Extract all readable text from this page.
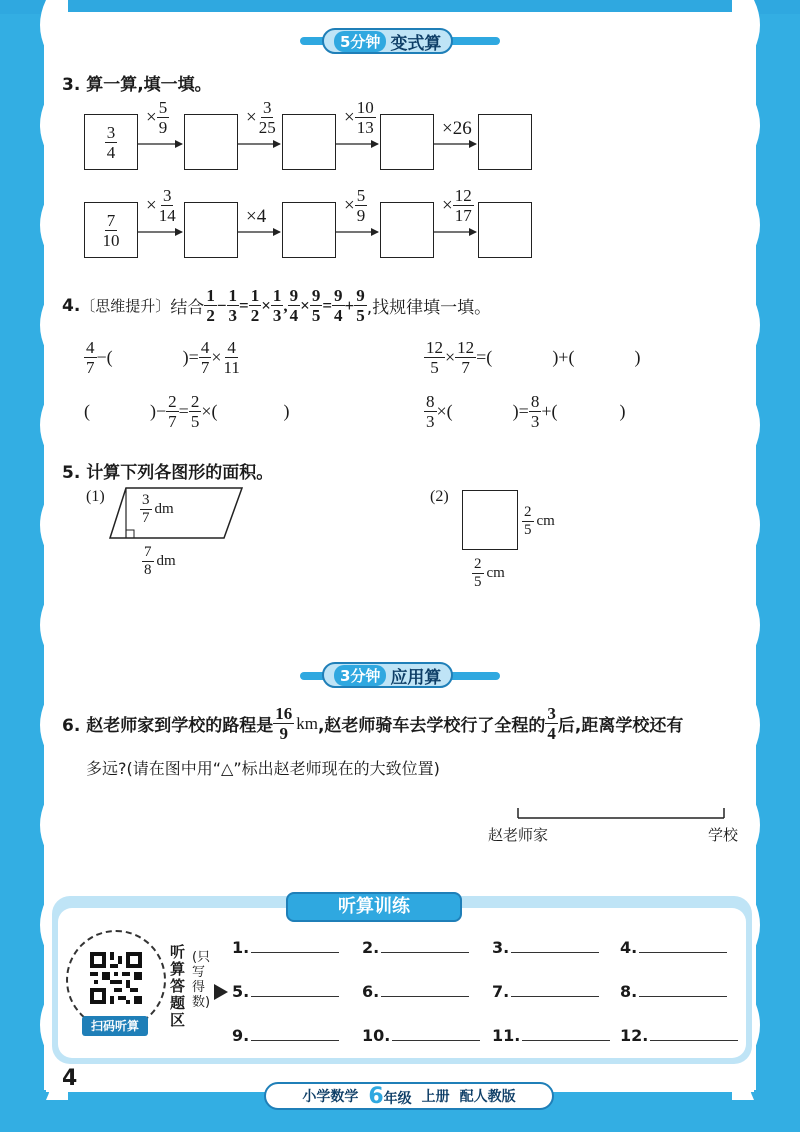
5分钟 变式算
3. 算一算,填一填。
$\frac{3}{4}$
× $\frac{5}{9}$	× $\frac{3}{25}$	× $\frac{10}{13}$	×26
$\frac{7}{10}$
× $\frac{3}{14}$	×4
× $\frac{5}{9}$	× $\frac{12}{17}$
4. 〔思维提升〕 结合 $\frac{1}{2} - \frac{1}{3} = \frac{1}{2} \times \frac{1}{3}$ , $\frac{9}{4} \times \frac{9}{5} = \frac{9}{4} + \frac{9}{5}$ ,找规律填一填。
$\frac{4}{7}$ −(	)= $\frac{4}{7} \times \frac{4}{11}$	$\frac{12}{5} \times \frac{12}{7}$ =(	)+(	)
(	)− $\frac{2}{7} = \frac{2}{5}$ ×(	)	$\frac{8}{3}$ ×(	)= $\frac{8}{3}$ +(	)
5. 计算下列各图形的面积。
$(1) \frac{3}{7}$ dm
$\frac{7}{8}$ dm
(2)
$\frac{2}{5}$ cm
$\frac{2}{5}$ cm
3分钟 应用算
6. 赵老师家到学校的路程是 $\frac{16}{9}$ km ,赵老师骑车去学校行了全程的 $\frac{3}{4}$ 后,距离学校还有
多远?(请在图中用“△”标出赵老师现在的大致位置)
赵老师家	学校
听算训练
扫码听算
听算答题区
(只写得数)
1.	2.	3.	4.
5.	6.	7.	8.
9.	10.	11.	12.
4
小学数学 6年级 上册 配人教版
